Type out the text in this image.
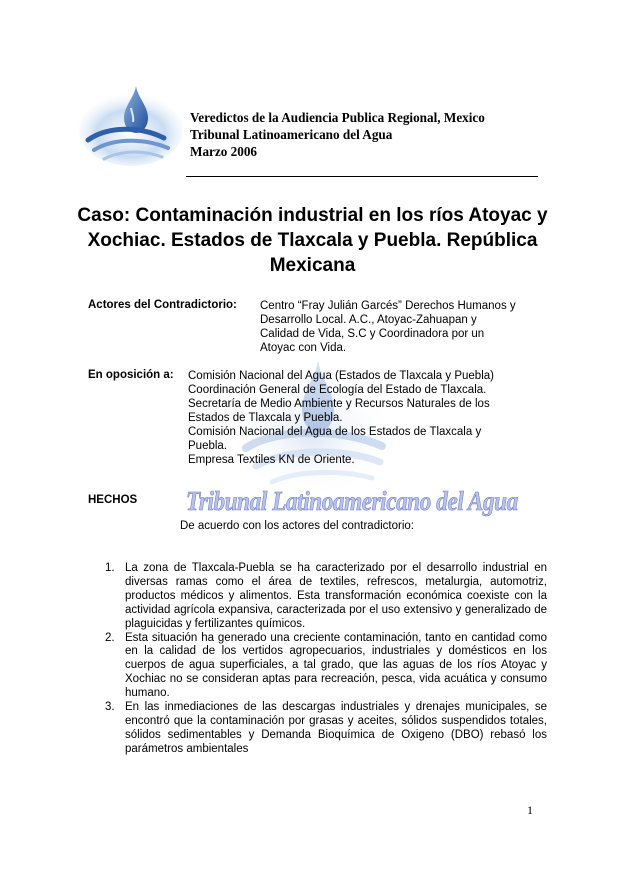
Veredictos de la Audiencia Publica Regional, Mexico
Tribunal Latinoamericano del Agua
Marzo 2006
Caso: Contaminación industrial en los ríos Atoyac y Xochiac. Estados de Tlaxcala y Puebla. República Mexicana
Tribunal Latinoamericano del Agua
Actores del Contradictorio: Centro “Fray Julián Garcés” Derechos Humanos y
Desarrollo Local. A.C., Atoyac-Zahuapan y
Calidad de Vida, S.C y Coordinadora por un
Atoyac con Vida.
En oposición a: Comisión Nacional del Agua (Estados de Tlaxcala y Puebla)
Coordinación General de Ecología del Estado de Tlaxcala.
Secretaría de Medio Ambiente y Recursos Naturales de los
Estados de Tlaxcala y Puebla.
Comisión Nacional del Agua de los Estados de Tlaxcala y
Puebla.
Empresa Textiles KN de Oriente.
HECHOS
De acuerdo con los actores del contradictorio:
1. La zona de Tlaxcala-Puebla se ha caracterizado por el desarrollo industrial en diversas ramas como el área de textiles, refrescos, metalurgia, automotriz, productos médicos y alimentos. Esta transformación económica coexiste con la actividad agrícola expansiva, caracterizada por el uso extensivo y generalizado de plaguicidas y fertilizantes químicos.
2. Esta situación ha generado una creciente contaminación, tanto en cantidad como en la calidad de los vertidos agropecuarios, industriales y domésticos en los cuerpos de agua superficiales, a tal grado, que las aguas de los ríos Atoyac y Xochiac no se consideran aptas para recreación, pesca, vida acuática y consumo humano.
3. En las inmediaciones de las descargas industriales y drenajes municipales, se encontró que la contaminación por grasas y aceites, sólidos suspendidos totales, sólidos sedimentables y Demanda Bioquímica de Oxigeno (DBO) rebasó los parámetros ambientales
1
